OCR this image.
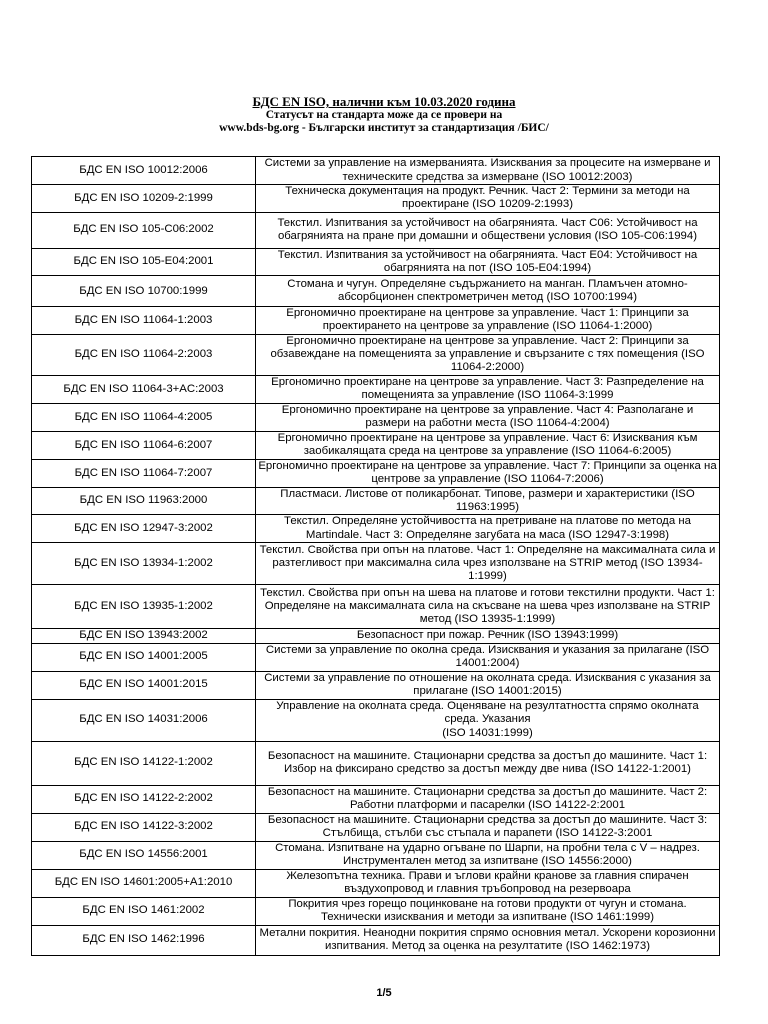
БДС EN ISO, налични към 10.03.2020 година
Статусът на стандарта може да се провери на
www.bds-bg.org - Български институт за стандартизация /БИС/
БДС EN ISO 10012:2006	Системи за управление на измерванията. Изисквания за процесите на измерване и техническите средства за измерване (ISO 10012:2003)
БДС EN ISO 10209-2:1999	Техническа документация на продукт. Речник. Част 2: Термини за методи на проектиране (ISO 10209-2:1993)
БДС EN ISO 105-C06:2002	Текстил. Изпитвания за устойчивост на обагрянията. Част C06: Устойчивост на обагрянията на пране при домашни и обществени условия (ISO 105-C06:1994)
БДС EN ISO 105-E04:2001	Текстил. Изпитвания за устойчивост на обагрянията. Част E04: Устойчивост на обагрянията на пот (ISO 105-E04:1994)
БДС EN ISO 10700:1999	Стомана и чугун. Определяне съдържанието на манган. Пламъчен атомно-абсорбционен спектрометричен метод (ISO 10700:1994)
БДС EN ISO 11064-1:2003	Ергономично проектиране на центрове за управление. Част 1: Принципи за проектирането на центрове за управление (ISO 11064-1:2000)
БДС EN ISO 11064-2:2003	Ергономично проектиране на центрове за управление. Част 2: Принципи за обзавеждане на помещенията за управление и свързаните с тях помещения (ISO 11064-2:2000)
БДС EN ISO 11064-3+AC:2003	Ергономично проектиране на центрове за управление. Част 3: Разпределение на помещенията за управление (ISO 11064-3:1999
БДС EN ISO 11064-4:2005	Ергономично проектиране на центрове за управление. Част 4: Разполагане и размери на работни места (ISO 11064-4:2004)
БДС EN ISO 11064-6:2007	Ергономично проектиране на центрове за управление. Част 6: Изисквания към заобикалящата среда на центрове за управление (ISO 11064-6:2005)
БДС EN ISO 11064-7:2007	Ергономично проектиране на центрове за управление. Част 7: Принципи за оценка на центрове за управление (ISO 11064-7:2006)
БДС EN ISO 11963:2000	Пластмаси. Листове от поликарбонат. Типове, размери и характеристики (ISO 11963:1995)
БДС EN ISO 12947-3:2002	Текстил. Определяне устойчивостта на претриване на платове по метода на Martindale. Част 3: Определяне загубата на маса (ISO 12947-3:1998)
БДС EN ISO 13934-1:2002	Текстил. Свойства при опън на платове. Част 1: Определяне на максималната сила и разтегливост при максимална сила чрез използване на STRIP метод (ISO 13934-1:1999)
БДС EN ISO 13935-1:2002	Текстил. Свойства при опън на шева на платове и готови текстилни продукти. Част 1: Определяне на максималната сила на скъсване на шева чрез използване на STRIP метод (ISO 13935-1:1999)
БДС EN ISO 13943:2002	Безопасност при пожар. Речник (ISO 13943:1999)
БДС EN ISO 14001:2005	Системи за управление по околна среда. Изисквания и указания за прилагане (ISO 14001:2004)
БДС EN ISO 14001:2015	Системи за управление по отношение на околната среда. Изисквания с указания за прилагане (ISO 14001:2015)
БДС EN ISO 14031:2006	Управление на околната среда. Оценяване на резултатността спрямо околната среда. Указания
(ISO 14031:1999)
БДС EN ISO 14122-1:2002	Безопасност на машините. Стационарни средства за достъп до машините. Част 1: Избор на фиксирано средство за достъп между две нива (ISO 14122-1:2001)
БДС EN ISO 14122-2:2002	Безопасност на машините. Стационарни средства за достъп до машините. Част 2: Работни платформи и пасарелки (ISO 14122-2:2001
БДС EN ISO 14122-3:2002	Безопасност на машините. Стационарни средства за достъп до машините. Част 3: Стълбища, стълби със стъпала и парапети (ISO 14122-3:2001
БДС EN ISO 14556:2001	Стомана. Изпитване на ударно огъване по Шарпи, на пробни тела с V – надрез. Инструментален метод за изпитване (ISO 14556:2000)
БДС EN ISO 14601:2005+A1:2010	Железопътна техника. Прави и ъглови крайни кранове за главния спирачен въздухопровод и главния тръбопровод на резервоара
БДС EN ISO 1461:2002	Покрития чрез горещо поцинковане на готови продукти от чугун и стомана. Технически изисквания и методи за изпитване (ISO 1461:1999)
БДС EN ISO 1462:1996	Метални покрития. Неанодни покрития спрямо основния метал. Ускорени корозионни изпитвания. Метод за оценка на резултатите (ISO 1462:1973)
1/5
